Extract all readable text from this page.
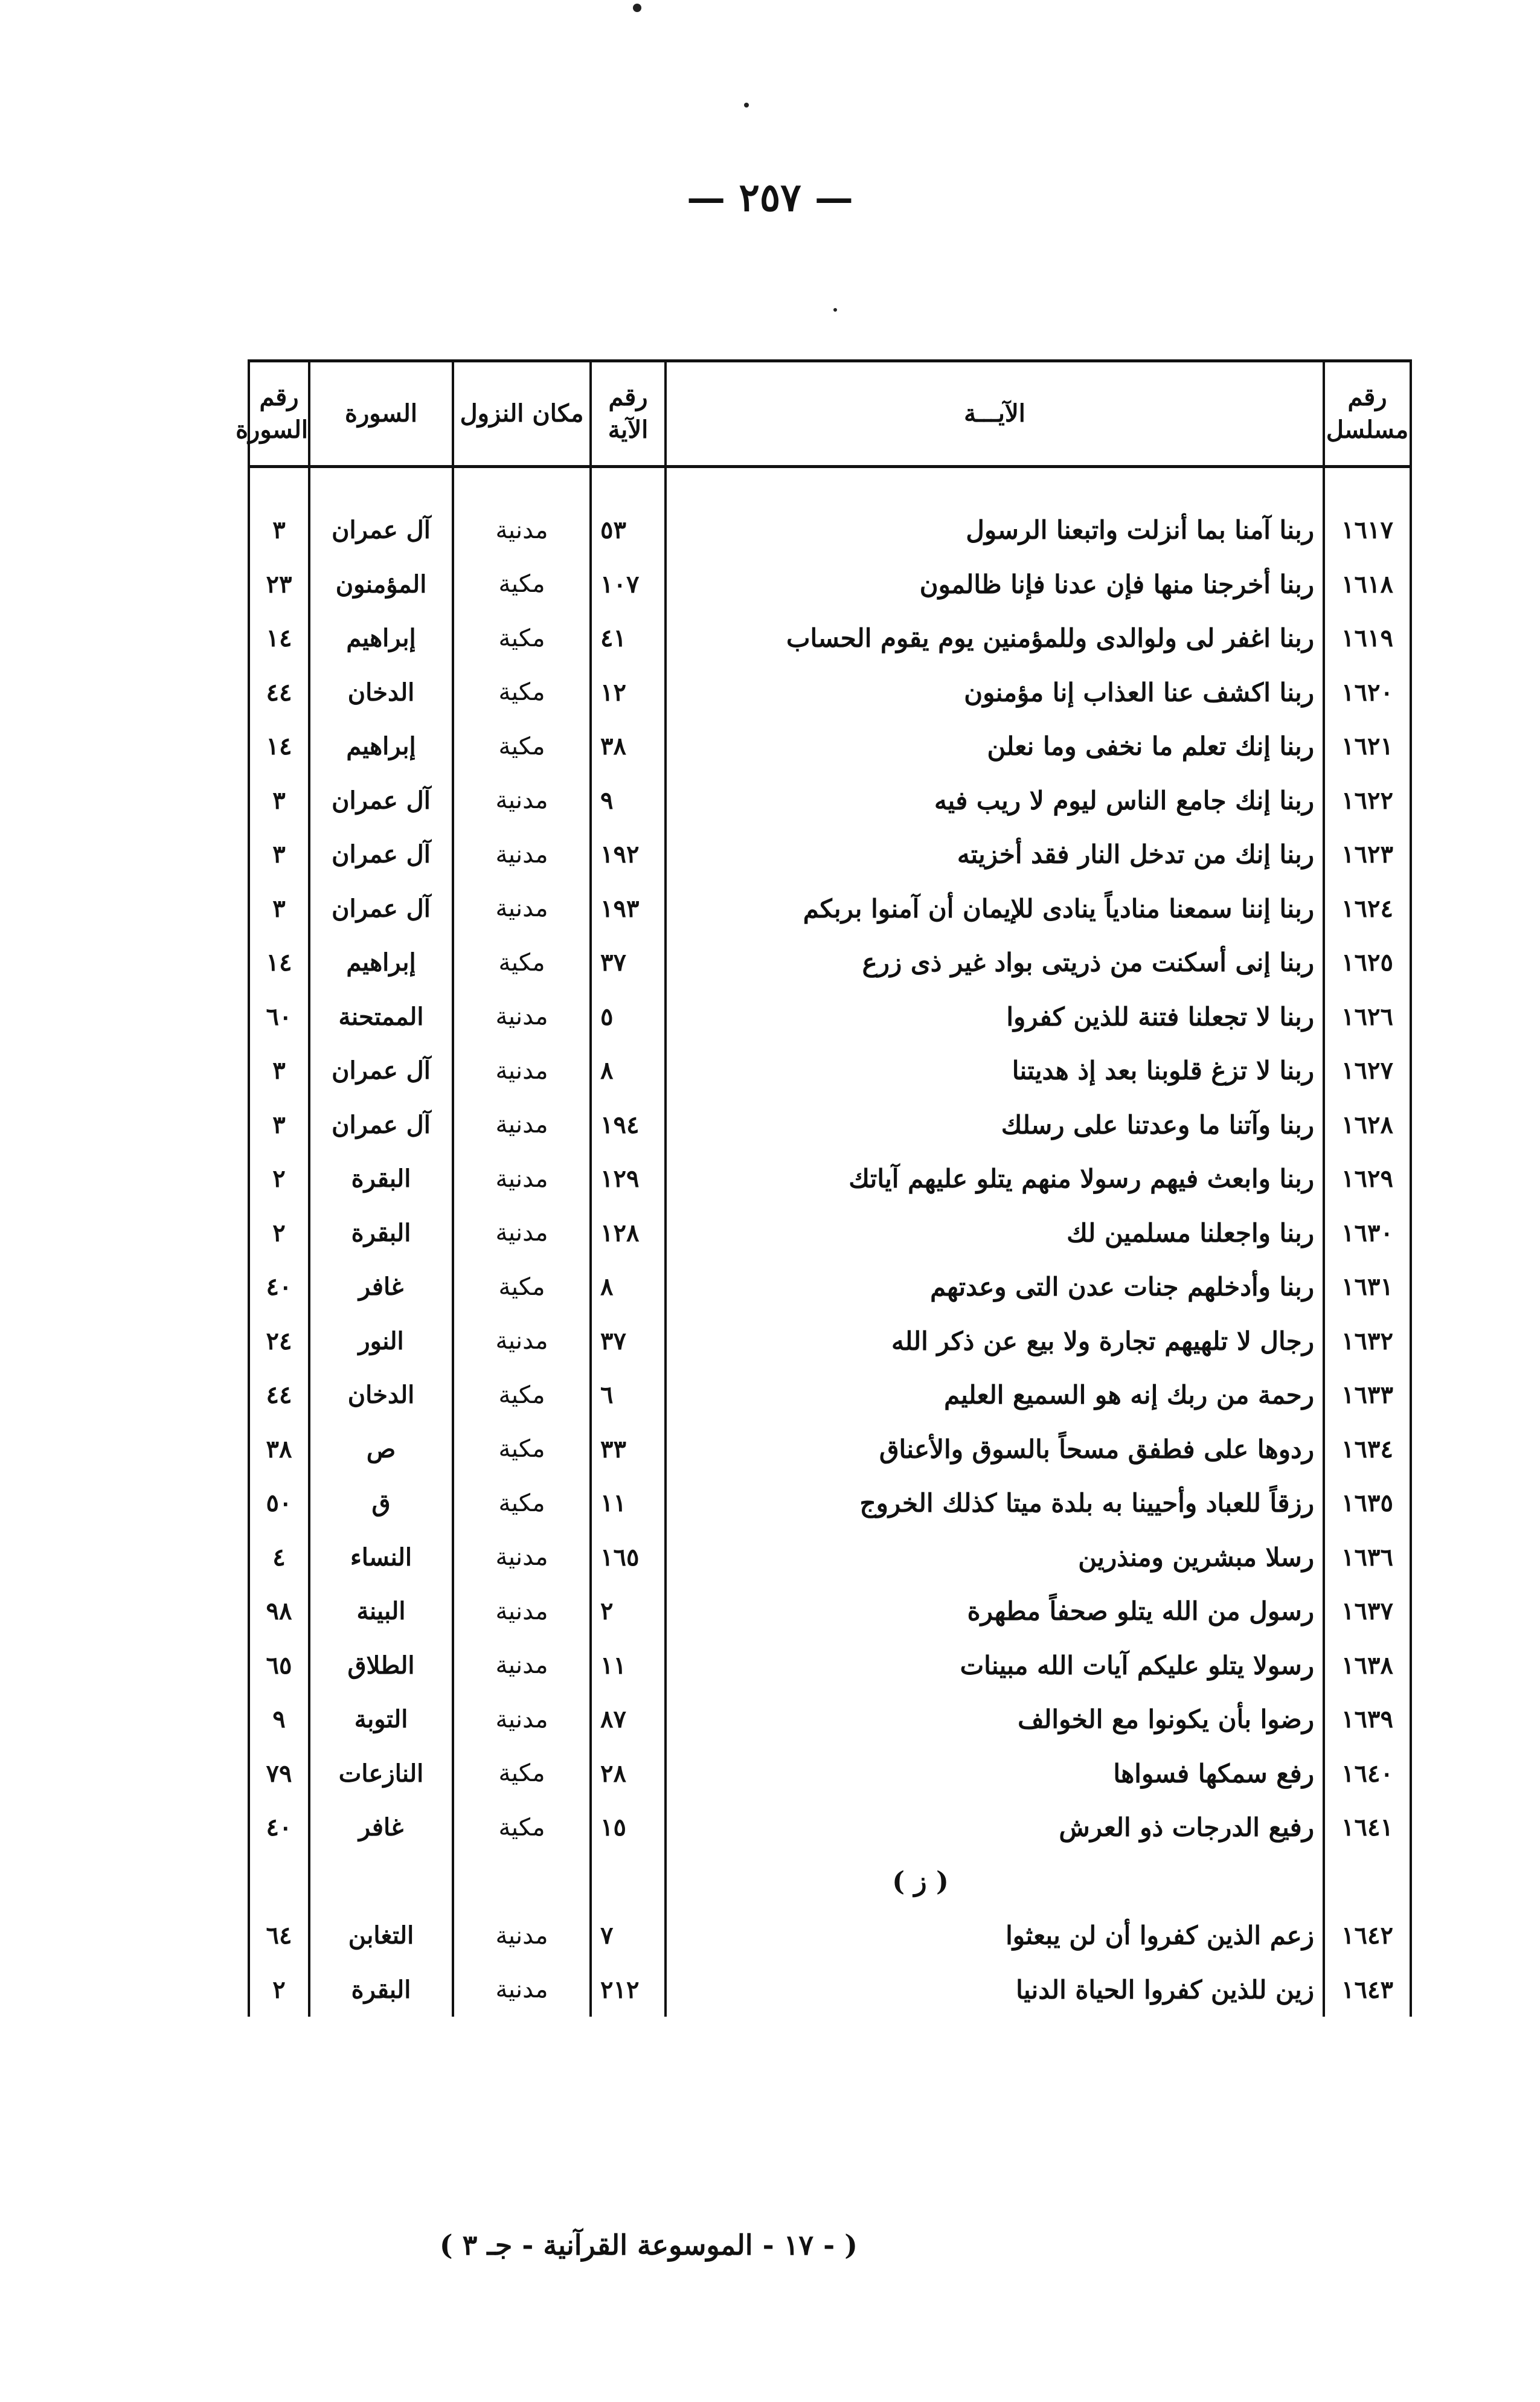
— ٢٥٧ —
رقم مسلسل	الآيـــة	رقم الآية	مكان النزول	السورة	رقم السورة

١٦١٧	ربنا آمنا بما أنزلت واتبعنا الرسول	٥٣	مدنية	آل عمران	٣
١٦١٨	ربنا أخرجنا منها فإن عدنا فإنا ظالمون	١٠٧	مكية	المؤمنون	٢٣
١٦١٩	ربنا اغفر لى ولوالدى وللمؤمنين يوم يقوم الحساب	٤١	مكية	إبراهيم	١٤
١٦٢٠	ربنا اكشف عنا العذاب إنا مؤمنون	١٢	مكية	الدخان	٤٤
١٦٢١	ربنا إنك تعلم ما نخفى وما نعلن	٣٨	مكية	إبراهيم	١٤
١٦٢٢	ربنا إنك جامع الناس ليوم لا ريب فيه	٩	مدنية	آل عمران	٣
١٦٢٣	ربنا إنك من تدخل النار فقد أخزيته	١٩٢	مدنية	آل عمران	٣
١٦٢٤	ربنا إننا سمعنا منادياً ينادى للإيمان أن آمنوا بربكم	١٩٣	مدنية	آل عمران	٣
١٦٢٥	ربنا إنى أسكنت من ذريتى بواد غير ذى زرع	٣٧	مكية	إبراهيم	١٤
١٦٢٦	ربنا لا تجعلنا فتنة للذين كفروا	٥	مدنية	الممتحنة	٦٠
١٦٢٧	ربنا لا تزغ قلوبنا بعد إذ هديتنا	٨	مدنية	آل عمران	٣
١٦٢٨	ربنا وآتنا ما وعدتنا على رسلك	١٩٤	مدنية	آل عمران	٣
١٦٢٩	ربنا وابعث فيهم رسولا منهم يتلو عليهم آياتك	١٢٩	مدنية	البقرة	٢
١٦٣٠	ربنا واجعلنا مسلمين لك	١٢٨	مدنية	البقرة	٢
١٦٣١	ربنا وأدخلهم جنات عدن التى وعدتهم	٨	مكية	غافر	٤٠
١٦٣٢	رجال لا تلهيهم تجارة ولا بيع عن ذكر الله	٣٧	مدنية	النور	٢٤
١٦٣٣	رحمة من ربك إنه هو السميع العليم	٦	مكية	الدخان	٤٤
١٦٣٤	ردوها على فطفق مسحاً بالسوق والأعناق	٣٣	مكية	ص	٣٨
١٦٣٥	رزقاً للعباد وأحيينا به بلدة ميتا كذلك الخروج	١١	مكية	ق	٥٠
١٦٣٦	رسلا مبشرين ومنذرين	١٦٥	مدنية	النساء	٤
١٦٣٧	رسول من الله يتلو صحفاً مطهرة	٢	مدنية	البينة	٩٨
١٦٣٨	رسولا يتلو عليكم آيات الله مبينات	١١	مدنية	الطلاق	٦٥
١٦٣٩	رضوا بأن يكونوا مع الخوالف	٨٧	مدنية	التوبة	٩
١٦٤٠	رفع سمكها فسواها	٢٨	مكية	النازعات	٧٩
١٦٤١	رفيع الدرجات ذو العرش	١٥	مكية	غافر	٤٠
	( ز )				
١٦٤٢	زعم الذين كفروا أن لن يبعثوا	٧	مدنية	التغابن	٦٤
١٦٤٣	زين للذين كفروا الحياة الدنيا	٢١٢	مدنية	البقرة	٢
( - ١٧ - الموسوعة القرآنية - جـ ٣ )
